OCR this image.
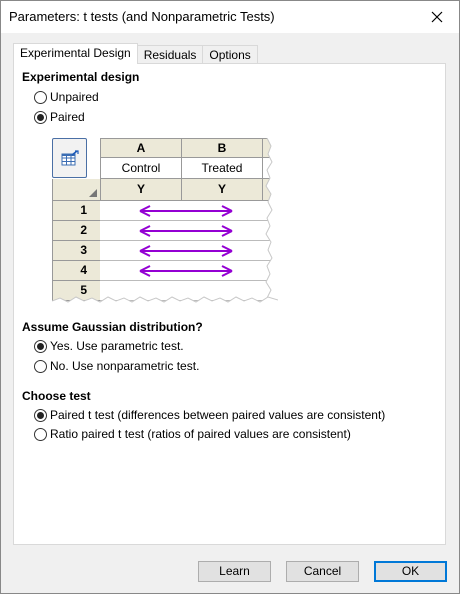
Parameters: t tests (and Nonparametric Tests)
Experimental Design	Residuals	Options
Experimental design
Unpaired
Paired
A	B
Control	Treated
Y	Y
1
2
3
4
5
Assume Gaussian distribution?
Yes. Use parametric test.
No. Use nonparametric test.
Choose test
Paired t test (differences between paired values are consistent)
Ratio paired t test (ratios of paired values are consistent)
Learn	Cancel	OK
